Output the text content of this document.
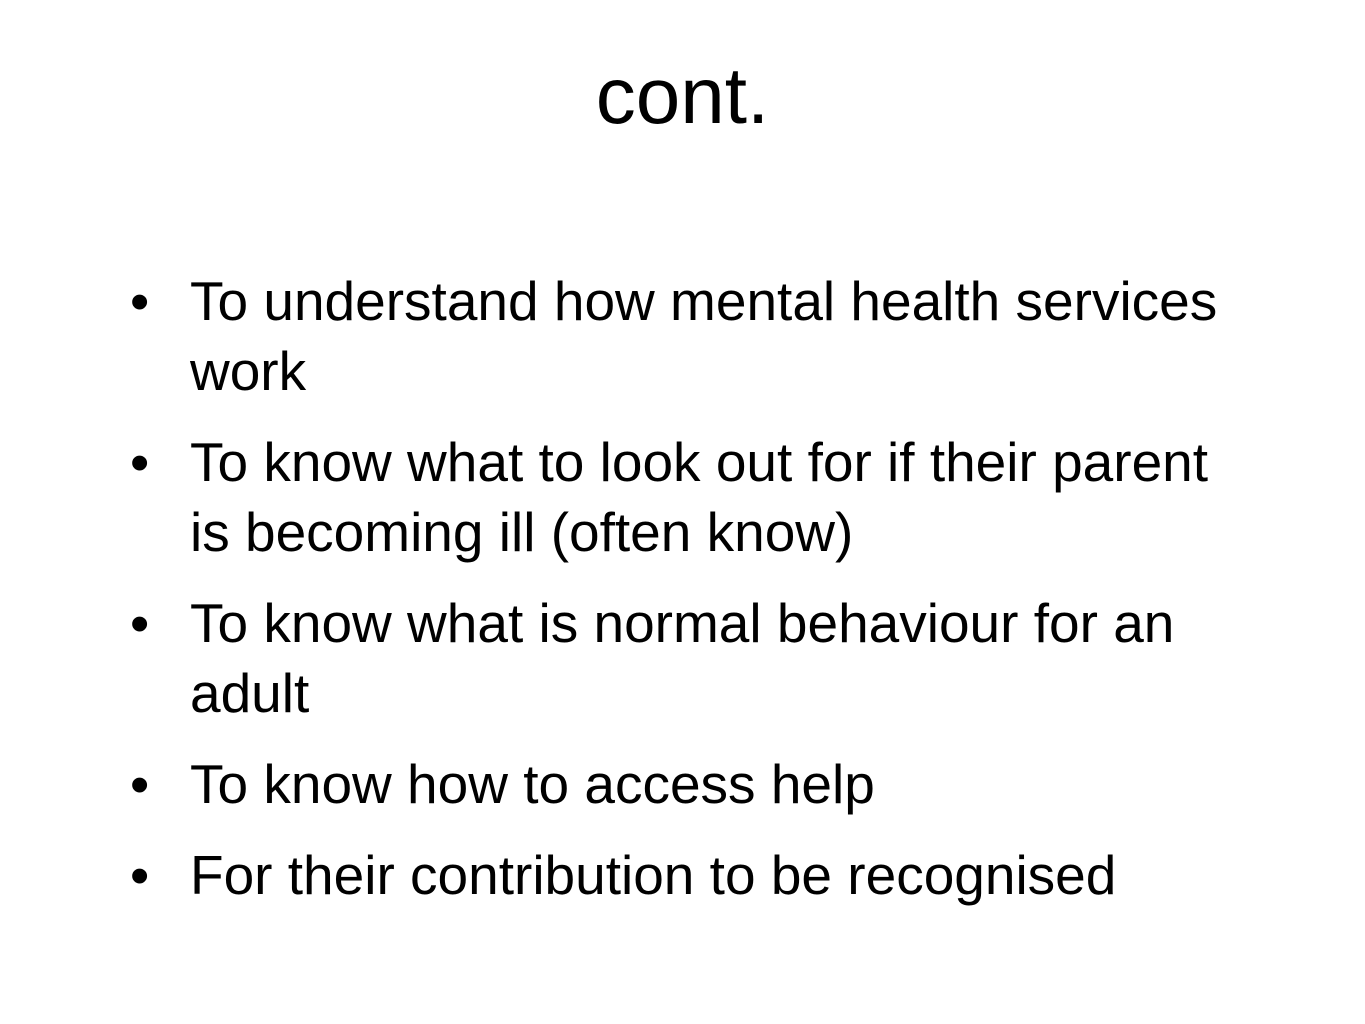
cont.
• To understand how mental health services work
• To know what to look out for if their parent is becoming ill (often know)
• To know what is normal behaviour for an adult
• To know how to access help
• For their contribution to be recognised
